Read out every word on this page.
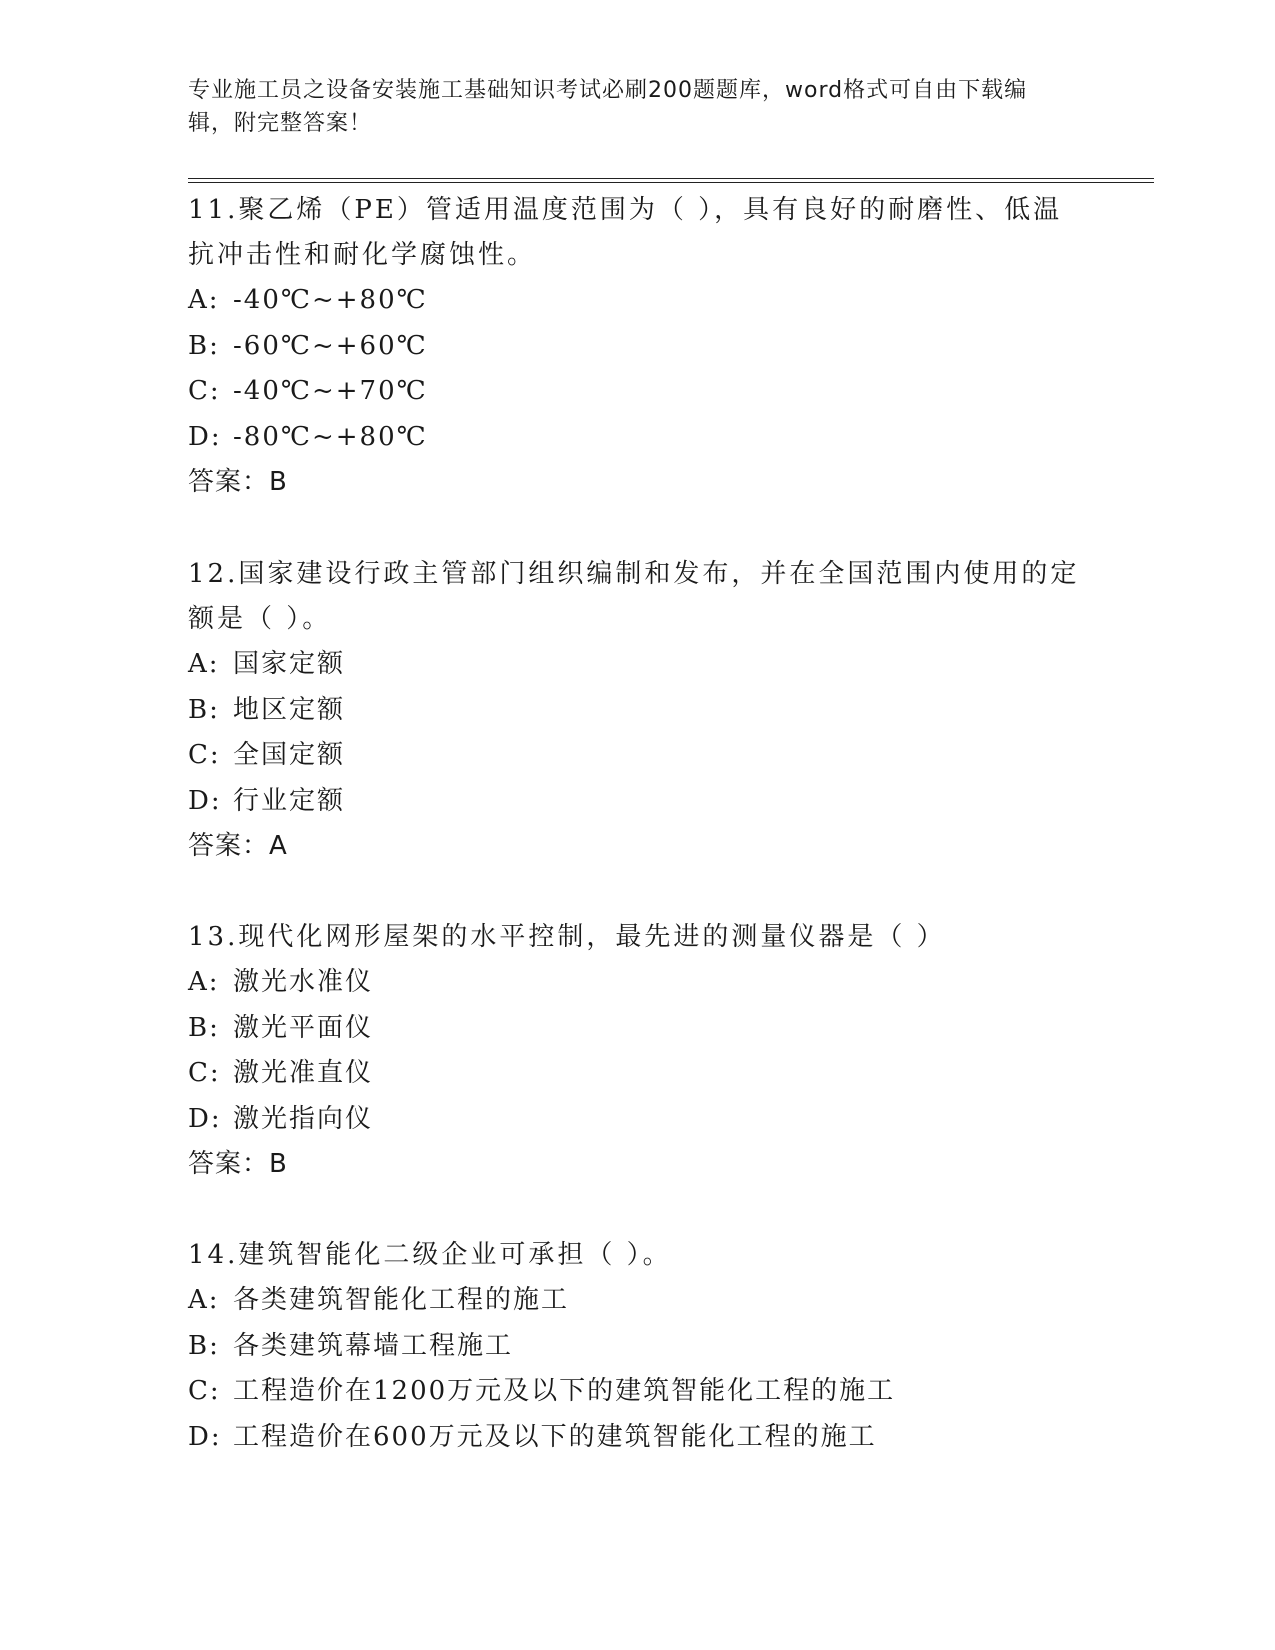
专业施工员之设备安装施工基础知识考试必刷200题题库，word格式可自由下载编辑，附完整答案！
11.聚乙烯（PE）管适用温度范围为（ ），具有良好的耐磨性、低温抗冲击性和耐化学腐蚀性。
A: -40℃~+80℃
B: -60℃~+60℃
C: -40℃~+70℃
D: -80℃~+80℃
答案：B
12.国家建设行政主管部门组织编制和发布，并在全国范围内使用的定额是（ ）。
A: 国家定额
B: 地区定额
C: 全国定额
D: 行业定额
答案：A
13.现代化网形屋架的水平控制，最先进的测量仪器是（ ）
A: 激光水准仪
B: 激光平面仪
C: 激光准直仪
D: 激光指向仪
答案：B
14.建筑智能化二级企业可承担（ ）。
A: 各类建筑智能化工程的施工
B: 各类建筑幕墙工程施工
C: 工程造价在1200万元及以下的建筑智能化工程的施工
D: 工程造价在600万元及以下的建筑智能化工程的施工
